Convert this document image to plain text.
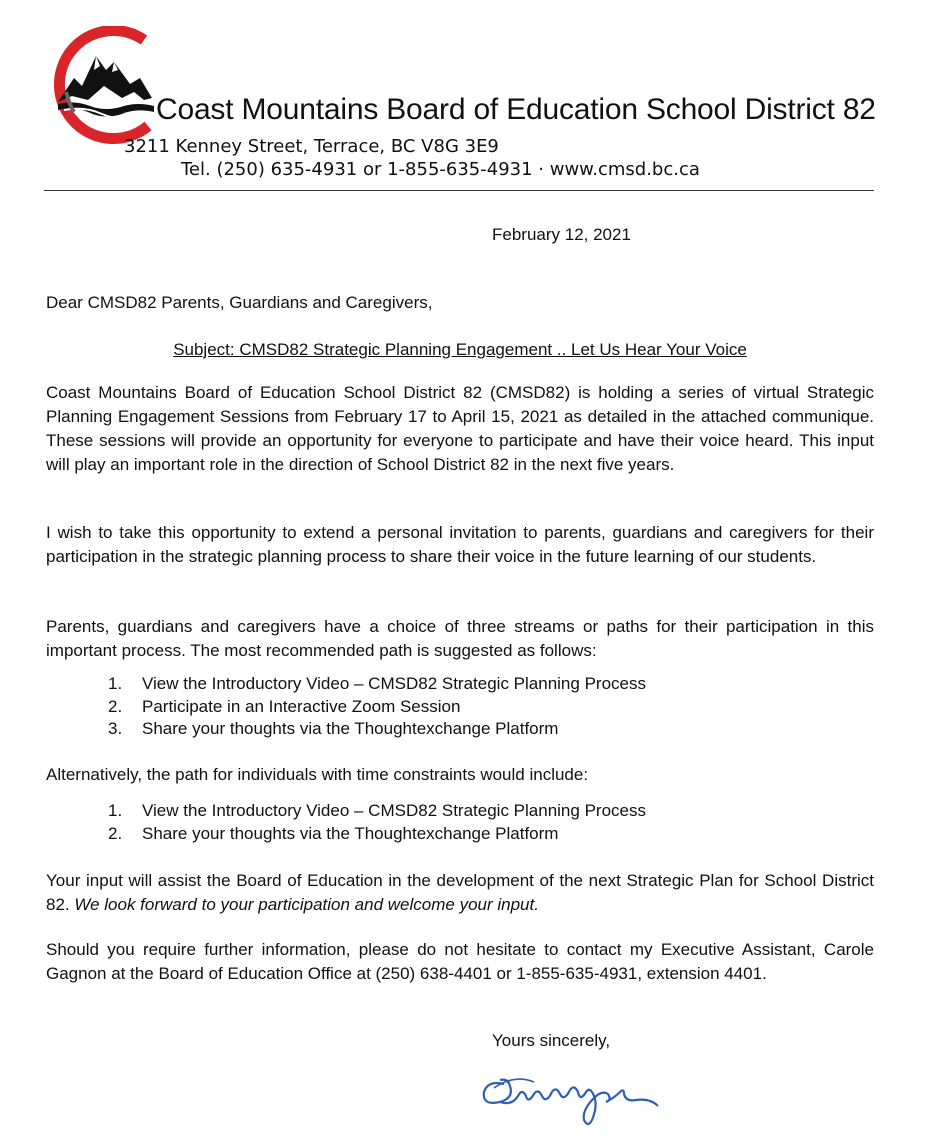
Coast Mountains Board of Education School District 82
3211 Kenney Street, Terrace, BC V8G 3E9
Tel. (250) 635-4931 or 1-855-635-4931 · www.cmsd.bc.ca
February 12, 2021
Dear CMSD82 Parents, Guardians and Caregivers,
Subject: CMSD82 Strategic Planning Engagement .. Let Us Hear Your Voice

Coast Mountains Board of Education School District 82 (CMSD82) is holding a series of virtual Strategic Planning Engagement Sessions from February 17 to April 15, 2021 as detailed in the attached communique. These sessions will provide an opportunity for everyone to participate and have their voice heard. This input will play an important role in the direction of School District 82 in the next five years.

I wish to take this opportunity to extend a personal invitation to parents, guardians and caregivers for their participation in the strategic planning process to share their voice in the future learning of our students.

Parents, guardians and caregivers have a choice of three streams or paths for their participation in this important process. The most recommended path is suggested as follows:

1. View the Introductory Video – CMSD82 Strategic Planning Process
2. Participate in an Interactive Zoom Session
3. Share your thoughts via the Thoughtexchange Platform
Alternatively, the path for individuals with time constraints would include:
1. View the Introductory Video – CMSD82 Strategic Planning Process
2. Share your thoughts via the Thoughtexchange Platform

Your input will assist the Board of Education in the development of the next Strategic Plan for School District 82. We look forward to your participation and welcome your input.

Should you require further information, please do not hesitate to contact my Executive Assistant, Carole Gagnon at the Board of Education Office at (250) 638-4401 or 1-855-635-4931, extension 4401.

Yours sincerely,
